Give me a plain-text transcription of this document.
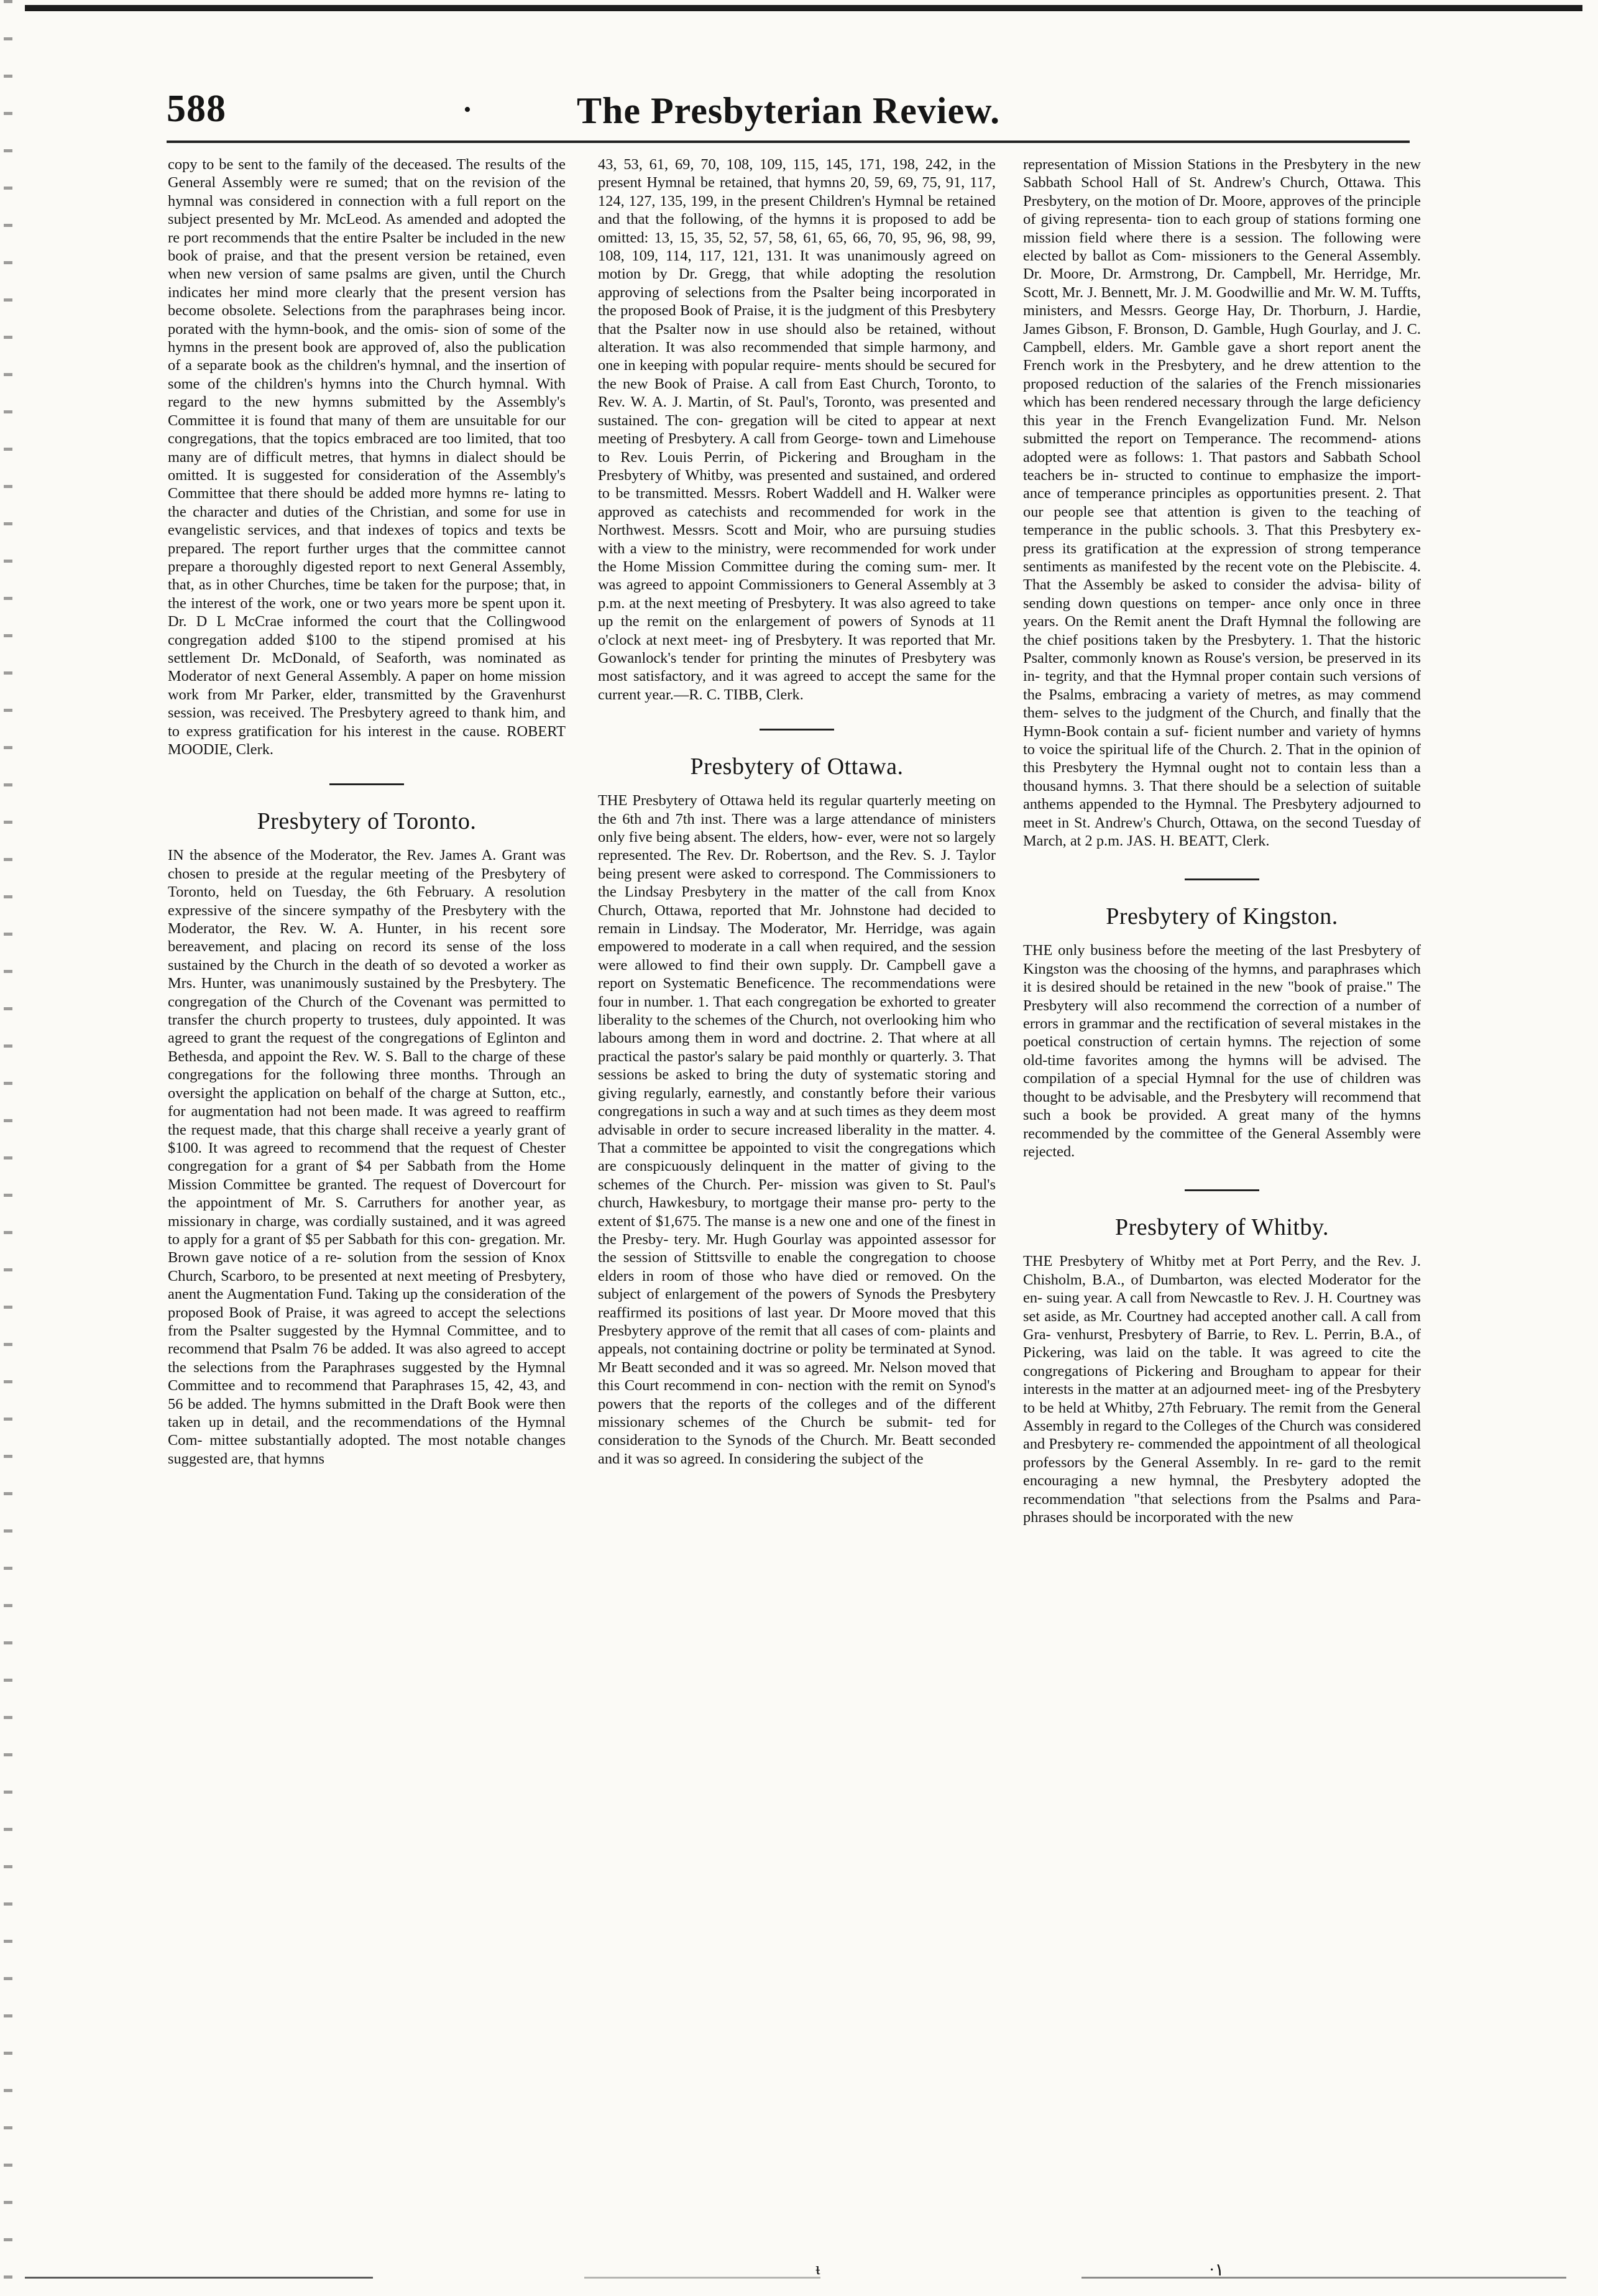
588	•	The Presbyterian Review.

copy to be sent to the family of the deceased. The results of the General Assembly were re sumed; that on the revision of the hymnal was considered in connection with a full report on the subject presented by Mr. McLeod. As amended and adopted the re port recommends that the entire Psalter be included in the new book of praise, and that the present version be retained, even when new version of same psalms are given, until the Church indicates her mind more clearly that the present version has become obsolete. Selections from the paraphrases being incor. porated with the hymn-book, and the omis- sion of some of the hymns in the present book are approved of, also the publication of a separate book as the children's hymnal, and the insertion of some of the children's hymns into the Church hymnal. With regard to the new hymns submitted by the Assembly's Committee it is found that many of them are unsuitable for our congregations, that the topics embraced are too limited, that too many are of difficult metres, that hymns in dialect should be omitted. It is suggested for consideration of the Assembly's Committee that there should be added more hymns re- lating to the character and duties of the Christian, and some for use in evangelistic services, and that indexes of topics and texts be prepared. The report further urges that the committee cannot prepare a thoroughly digested report to next General Assembly, that, as in other Churches, time be taken for the purpose; that, in the interest of the work, one or two years more be spent upon it. Dr. D L McCrae informed the court that the Collingwood congregation added $100 to the stipend promised at his settlement Dr. McDonald, of Seaforth, was nominated as Moderator of next General Assembly. A paper on home mission work from Mr Parker, elder, transmitted by the Gravenhurst session, was received. The Presbytery agreed to thank him, and to express gratification for his interest in the cause. ROBERT MOODIE, Clerk.

Presbytery of Toronto.

IN the absence of the Moderator, the Rev. James A. Grant was chosen to preside at the regular meeting of the Presbytery of Toronto, held on Tuesday, the 6th February. A resolution expressive of the sincere sympathy of the Presbytery with the Moderator, the Rev. W. A. Hunter, in his recent sore bereavement, and placing on record its sense of the loss sustained by the Church in the death of so devoted a worker as Mrs. Hunter, was unanimously sustained by the Presbytery. The congregation of the Church of the Covenant was permitted to transfer the church property to trustees, duly appointed. It was agreed to grant the request of the congregations of Eglinton and Bethesda, and appoint the Rev. W. S. Ball to the charge of these congregations for the following three months. Through an oversight the application on behalf of the charge at Sutton, etc., for augmentation had not been made. It was agreed to reaffirm the request made, that this charge shall receive a yearly grant of $100. It was agreed to recommend that the request of Chester congregation for a grant of $4 per Sabbath from the Home Mission Committee be granted. The request of Dovercourt for the appointment of Mr. S. Carruthers for another year, as missionary in charge, was cordially sustained, and it was agreed to apply for a grant of $5 per Sabbath for this con- gregation. Mr. Brown gave notice of a re- solution from the session of Knox Church, Scarboro, to be presented at next meeting of Presbytery, anent the Augmentation Fund. Taking up the consideration of the proposed Book of Praise, it was agreed to accept the selections from the Psalter suggested by the Hymnal Committee, and to recommend that Psalm 76 be added. It was also agreed to accept the selections from the Paraphrases suggested by the Hymnal Committee and to recommend that Paraphrases 15, 42, 43, and 56 be added. The hymns submitted in the Draft Book were then taken up in detail, and the recommendations of the Hymnal Com- mittee substantially adopted. The most notable changes suggested are, that hymns

43, 53, 61, 69, 70, 108, 109, 115, 145, 171, 198, 242, in the present Hymnal be retained, that hymns 20, 59, 69, 75, 91, 117, 124, 127, 135, 199, in the present Children's Hymnal be retained and that the following, of the hymns it is proposed to add be omitted: 13, 15, 35, 52, 57, 58, 61, 65, 66, 70, 95, 96, 98, 99, 108, 109, 114, 117, 121, 131. It was unanimously agreed on motion by Dr. Gregg, that while adopting the resolution approving of selections from the Psalter being incorporated in the proposed Book of Praise, it is the judgment of this Presbytery that the Psalter now in use should also be retained, without alteration. It was also recommended that simple harmony, and one in keeping with popular require- ments should be secured for the new Book of Praise. A call from East Church, Toronto, to Rev. W. A. J. Martin, of St. Paul's, Toronto, was presented and sustained. The con- gregation will be cited to appear at next meeting of Presbytery. A call from George- town and Limehouse to Rev. Louis Perrin, of Pickering and Brougham in the Presbytery of Whitby, was presented and sustained, and ordered to be transmitted. Messrs. Robert Waddell and H. Walker were approved as catechists and recommended for work in the Northwest. Messrs. Scott and Moir, who are pursuing studies with a view to the ministry, were recommended for work under the Home Mission Committee during the coming sum- mer. It was agreed to appoint Commissioners to General Assembly at 3 p.m. at the next meeting of Presbytery. It was also agreed to take up the remit on the enlargement of powers of Synods at 11 o'clock at next meet- ing of Presbytery. It was reported that Mr. Gowanlock's tender for printing the minutes of Presbytery was most satisfactory, and it was agreed to accept the same for the current year.—R. C. TIBB, Clerk.

Presbytery of Ottawa.

THE Presbytery of Ottawa held its regular quarterly meeting on the 6th and 7th inst. There was a large attendance of ministers only five being absent. The elders, how- ever, were not so largely represented. The Rev. Dr. Robertson, and the Rev. S. J. Taylor being present were asked to correspond. The Commissioners to the Lindsay Presbytery in the matter of the call from Knox Church, Ottawa, reported that Mr. Johnstone had decided to remain in Lindsay. The Moderator, Mr. Herridge, was again empowered to moderate in a call when required, and the session were allowed to find their own supply. Dr. Campbell gave a report on Systematic Beneficence. The recommendations were four in number. 1. That each congregation be exhorted to greater liberality to the schemes of the Church, not overlooking him who labours among them in word and doctrine. 2. That where at all practical the pastor's salary be paid monthly or quarterly. 3. That sessions be asked to bring the duty of systematic storing and giving regularly, earnestly, and constantly before their various congregations in such a way and at such times as they deem most advisable in order to secure increased liberality in the matter. 4. That a committee be appointed to visit the congregations which are conspicuously delinquent in the matter of giving to the schemes of the Church. Per- mission was given to St. Paul's church, Hawkesbury, to mortgage their manse pro- perty to the extent of $1,675. The manse is a new one and one of the finest in the Presby- tery. Mr. Hugh Gourlay was appointed assessor for the session of Stittsville to enable the congregation to choose elders in room of those who have died or removed. On the subject of enlargement of the powers of Synods the Presbytery reaffirmed its positions of last year. Dr Moore moved that this Presbytery approve of the remit that all cases of com- plaints and appeals, not containing doctrine or polity be terminated at Synod. Mr Beatt seconded and it was so agreed. Mr. Nelson moved that this Court recommend in con- nection with the remit on Synod's powers that the reports of the colleges and of the different missionary schemes of the Church be submit- ted for consideration to the Synods of the Church. Mr. Beatt seconded and it was so agreed. In considering the subject of the

representation of Mission Stations in the Presbytery in the new Sabbath School Hall of St. Andrew's Church, Ottawa. This Presbytery, on the motion of Dr. Moore, approves of the principle of giving representa- tion to each group of stations forming one mission field where there is a session. The following were elected by ballot as Com- missioners to the General Assembly. Dr. Moore, Dr. Armstrong, Dr. Campbell, Mr. Herridge, Mr. Scott, Mr. J. Bennett, Mr. J. M. Goodwillie and Mr. W. M. Tuffts, ministers, and Messrs. George Hay, Dr. Thorburn, J. Hardie, James Gibson, F. Bronson, D. Gamble, Hugh Gourlay, and J. C. Campbell, elders. Mr. Gamble gave a short report anent the French work in the Presbytery, and he drew attention to the proposed reduction of the salaries of the French missionaries which has been rendered necessary through the large deficiency this year in the French Evangelization Fund. Mr. Nelson submitted the report on Temperance. The recommend- ations adopted were as follows: 1. That pastors and Sabbath School teachers be in- structed to continue to emphasize the import- ance of temperance principles as opportunities present. 2. That our people see that attention is given to the teaching of temperance in the public schools. 3. That this Presbytery ex- press its gratification at the expression of strong temperance sentiments as manifested by the recent vote on the Plebiscite. 4. That the Assembly be asked to consider the advisa- bility of sending down questions on temper- ance only once in three years. On the Remit anent the Draft Hymnal the following are the chief positions taken by the Presbytery. 1. That the historic Psalter, commonly known as Rouse's version, be preserved in its in- tegrity, and that the Hymnal proper contain such versions of the Psalms, embracing a variety of metres, as may commend them- selves to the judgment of the Church, and finally that the Hymn-Book contain a suf- ficient number and variety of hymns to voice the spiritual life of the Church. 2. That in the opinion of this Presbytery the Hymnal ought not to contain less than a thousand hymns. 3. That there should be a selection of suitable anthems appended to the Hymnal. The Presbytery adjourned to meet in St. Andrew's Church, Ottawa, on the second Tuesday of March, at 2 p.m. JAS. H. BEATT, Clerk.

Presbytery of Kingston.

THE only business before the meeting of the last Presbytery of Kingston was the choosing of the hymns, and paraphrases which it is desired should be retained in the new "book of praise." The Presbytery will also recommend the correction of a number of errors in grammar and the rectification of several mistakes in the poetical construction of certain hymns. The rejection of some old-time favorites among the hymns will be advised. The compilation of a special Hymnal for the use of children was thought to be advisable, and the Presbytery will recommend that such a book be provided. A great many of the hymns recommended by the committee of the General Assembly were rejected.

Presbytery of Whitby.

THE Presbytery of Whitby met at Port Perry, and the Rev. J. Chisholm, B.A., of Dumbarton, was elected Moderator for the en- suing year. A call from Newcastle to Rev. J. H. Courtney was set aside, as Mr. Courtney had accepted another call. A call from Gra- venhurst, Presbytery of Barrie, to Rev. L. Perrin, B.A., of Pickering, was laid on the table. It was agreed to cite the congregations of Pickering and Brougham to appear for their interests in the matter at an adjourned meet- ing of the Presbytery to be held at Whitby, 27th February. The remit from the General Assembly in regard to the Colleges of the Church was considered and Presbytery re- commended the appointment of all theological professors by the General Assembly. In re- gard to the remit encouraging a new hymnal, the Presbytery adopted the recommendation "that selections from the Psalms and Para- phrases should be incorporated with the new

ᵼ	·١
